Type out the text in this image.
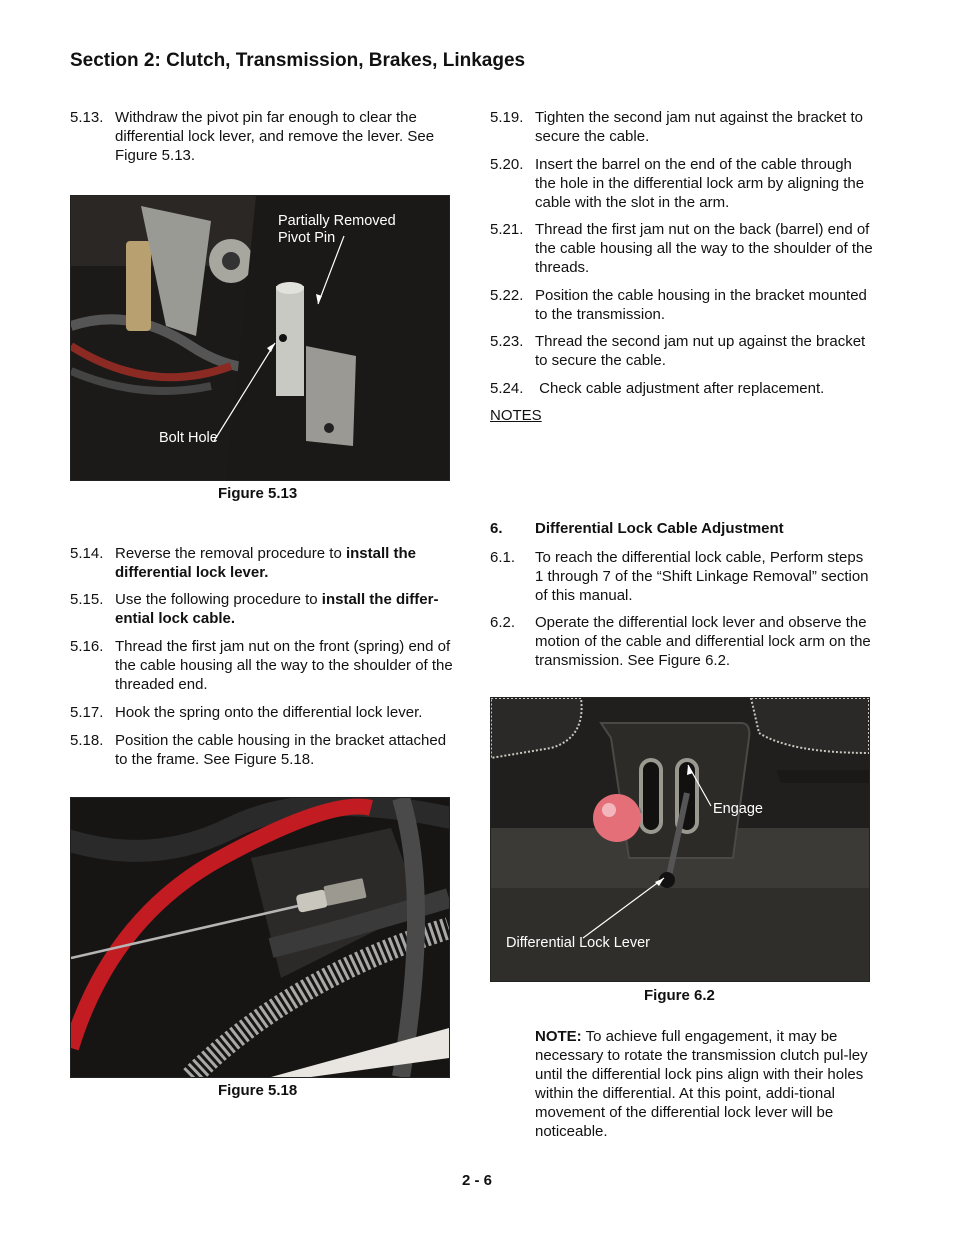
Section 2: Clutch, Transmission, Brakes, Linkages
5.13. Withdraw the pivot pin far enough to clear the differential lock lever, and remove the lever. See Figure 5.13.
Partially Removed
Pivot Pin
Bolt Hole
Figure 5.13
5.14. Reverse the removal procedure to install the differential lock lever.
5.15. Use the following procedure to install the differ-ential lock cable.
5.16. Thread the first jam nut on the front (spring) end of the cable housing all the way to the shoulder of the threaded end.
5.17. Hook the spring onto the differential lock lever.
5.18. Position the cable housing in the bracket attached to the frame. See Figure 5.18.
Figure 5.18
5.19. Tighten the second jam nut against the bracket to secure the cable.
5.20. Insert the barrel on the end of the cable through the hole in the differential lock arm by aligning the cable with the slot in the arm.
5.21. Thread the first jam nut on the back (barrel) end of the cable housing all the way to the shoulder of the threads.
5.22. Position the cable housing in the bracket mounted to the transmission.
5.23. Thread the second jam nut up against the bracket to secure the cable.
5.24. Check cable adjustment after replacement.
NOTES
6. Differential Lock Cable Adjustment
6.1. To reach the differential lock cable, Perform steps 1 through 7 of the “Shift Linkage Removal” section of this manual.
6.2. Operate the differential lock lever and observe the motion of the cable and differential lock arm on the transmission. See Figure 6.2.
Engage
Differential Lock Lever
Figure 6.2
NOTE: To achieve full engagement, it may be necessary to rotate the transmission clutch pul-ley until the differential lock pins align with their holes within the differential. At this point, addi-tional movement of the differential lock lever will be noticeable.
2 - 6
